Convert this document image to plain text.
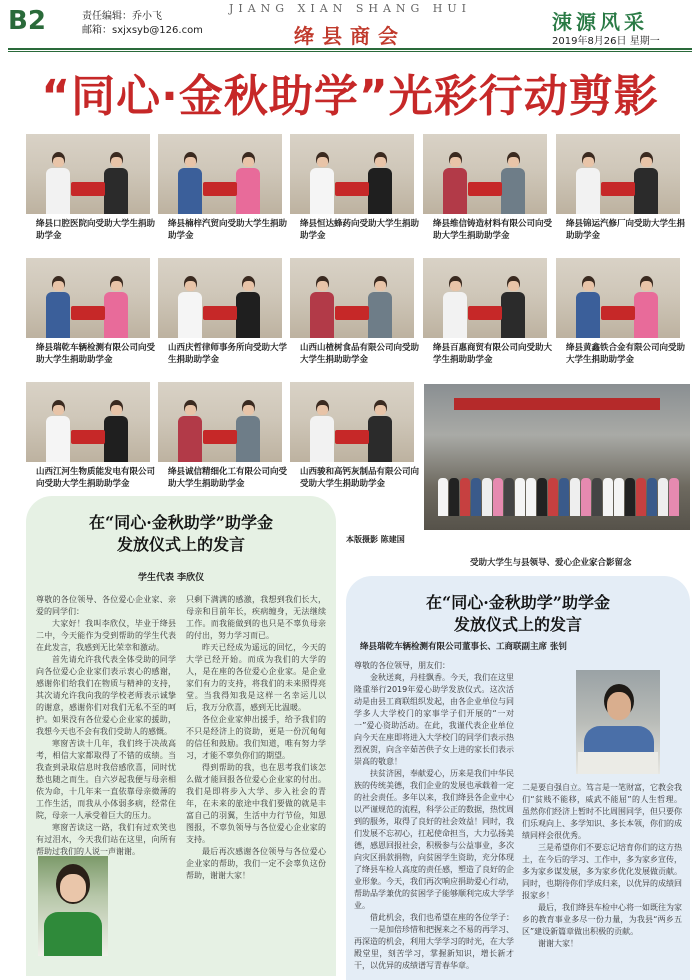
B2	责任编辑：乔小飞
邮箱：sxjxsyb@126.com
JIANG XIAN SHANG HUI
绛县商会
涑源风采
2019年8月26日 星期一
“同心·金秋助学”光彩行动剪影
绛县口腔医院向受助大学生捐助助学金
绛县楠梓汽贸向受助大学生捐助助学金
绛县恒达蜂药向受助大学生捐助助学金
绛县维信铸造材料有限公司向受助大学生捐助助学金
绛县锦运汽修厂向受助大学生捐助助学金
绛县瑞乾车辆检测有限公司向受助大学生捐助助学金
山西庆哲律师事务所向受助大学生捐助助学金
山西山楂树食品有限公司向受助大学生捐助助学金
绛县百惠商贸有限公司向受助大学生捐助助学金
绛县黄鑫铁合金有限公司向受助大学生捐助助学金
山西江河生物质能发电有限公司向受助大学生捐助助学金
绛县诚信精细化工有限公司向受助大学生捐助助学金
山西骏和高钙灰制品有限公司向受助大学生捐助助学金
本版摄影 陈建国
受助大学生与县领导、爱心企业家合影留念
在“同心·金秋助学”助学金
发放仪式上的发言
学生代表 李欣仪

尊敬的各位领导、各位爱心企业家、亲爱的同学们：

大家好！我叫李欣仪，毕业于绛县二中，今天能作为受到帮助的学生代表在此发言，我感到无比荣幸和激动。

首先请允许我代表全体受助的同学向各位爱心企业家们表示衷心的感谢，感谢你们给我们在物质与精神的支持，其次请允许我向我的学校老师表示诚挚的谢意，感谢你们对我们无私不至的呵护。如果没有各位爱心企业家的援助，我想今天也不会有我们受助人的感慨。

寒窗苦读十几年，我们终于决战高考，相信大家都取得了不错的成绩。当我查到录取信息时我倍感欣喜，同时忧愁也随之而生。自六岁起我便与母亲相依为命，十几年来一直依靠母亲微薄的工作生活，而我从小体弱多病，经常住院，母亲一人承受着巨大的压力。

寒窗苦读这一路，我们有过欢笑也有过泪水，今天我们站在这里，向所有帮助过我们的人说一声谢谢。

只剩下满满的感激，我想到我们长大，母亲和目前年长，疾病缠身，无法继续工作。而我能做到的也只是不辜负母亲的付出，努力学习而已。

昨天已经成为遥远的回忆，今天的大学已经开始。而成为我们的大学的人，是在座的各位爱心企业家。是企业家们有力的支持，将我们的未来照得亮堂。当我得知我是这样一名幸运儿以后，我万分欣喜，感到无比温暖。

各位企业家伸出援手，给予我们的不只是经济上的资助，更是一份沉甸甸的信任和鼓励。我们知道，唯有努力学习，才能不辜负你们的期望。

得到帮助的我，也在思考我们该怎么做才能回报各位爱心企业家的付出。我们是即将步入大学、步入社会的青年，在未来的旅途中我们要做的就是丰富自己的羽翼，生活中力行节俭，知恩图报，不辜负领导与各位爱心企业家的支持。

最后再次感谢各位领导与各位爱心企业家的帮助，我们一定不会辜负这份帮助，谢谢大家！

在“同心·金秋助学”助学金
发放仪式上的发言
绛县瑞乾车辆检测有限公司董事长、工商联副主席 张钊

尊敬的各位领导，朋友们：

金秋送爽，丹桂飘香。今天，我们在这里隆重举行2019年爱心助学发放仪式。这次活动是由县工商联组织发起，由各企业单位与同学多人大学校门的家事学子们开展的“一对一”爱心资助活动。在此，我谨代表企业单位向今天在座即将进入大学校门的同学们表示热烈祝贺，向含辛茹苦供子女上进的家长们表示崇高的敬意！

扶贫济困，奉献爱心，历来是我们中华民族的传统美德，我们企业的发展也承载着一定的社会责任。多年以来，我们绛县各企业中心以严谨规范的流程，科学公正的数据，热忱周到的服务，取得了良好的社会效益！同时，我们发展不忘初心，扛起使命担当，大力弘扬美德，感恩回报社会，积极参与公益事业，多次向灾区捐款捐物，向贫困学生资助，充分体现了绛县车检人高度的责任感，塑造了良好的企业形象。今天，我们再次响应捐助爱心行动，帮助品学兼优的贫困学子能够顺利完成大学学业。

借此机会，我们也希望在座的各位学子：

一是加倍珍惜和把握来之不易的再学习、再深造的机会，利用大学学习的时光，在大学殿堂里，刻苦学习，掌握新知识，增长新才干，以优异的成绩谱写青春华章。

二是要自强自立。笃言是一笔财富，它教会我们“贫贱不能移，威武不能屈”的人生哲理。虽然你们经济上暂时不比周围同学，但只要你们乐观向上、多学知识、多长本领，你们的成绩同样会很优秀。

三是希望你们不要忘记培育你们的这方热土，在今后的学习、工作中，多为家乡宣传，多为家乡谋发展，多为家乡优化发展做贡献。同时，也期待你们学成归来，以优异的成绩回报家乡！

最后，我们绛县车检中心将一如既往为家乡的教育事业多尽一份力量，为我县“两乡五区”建设新篇章做出积极的贡献。

谢谢大家！
